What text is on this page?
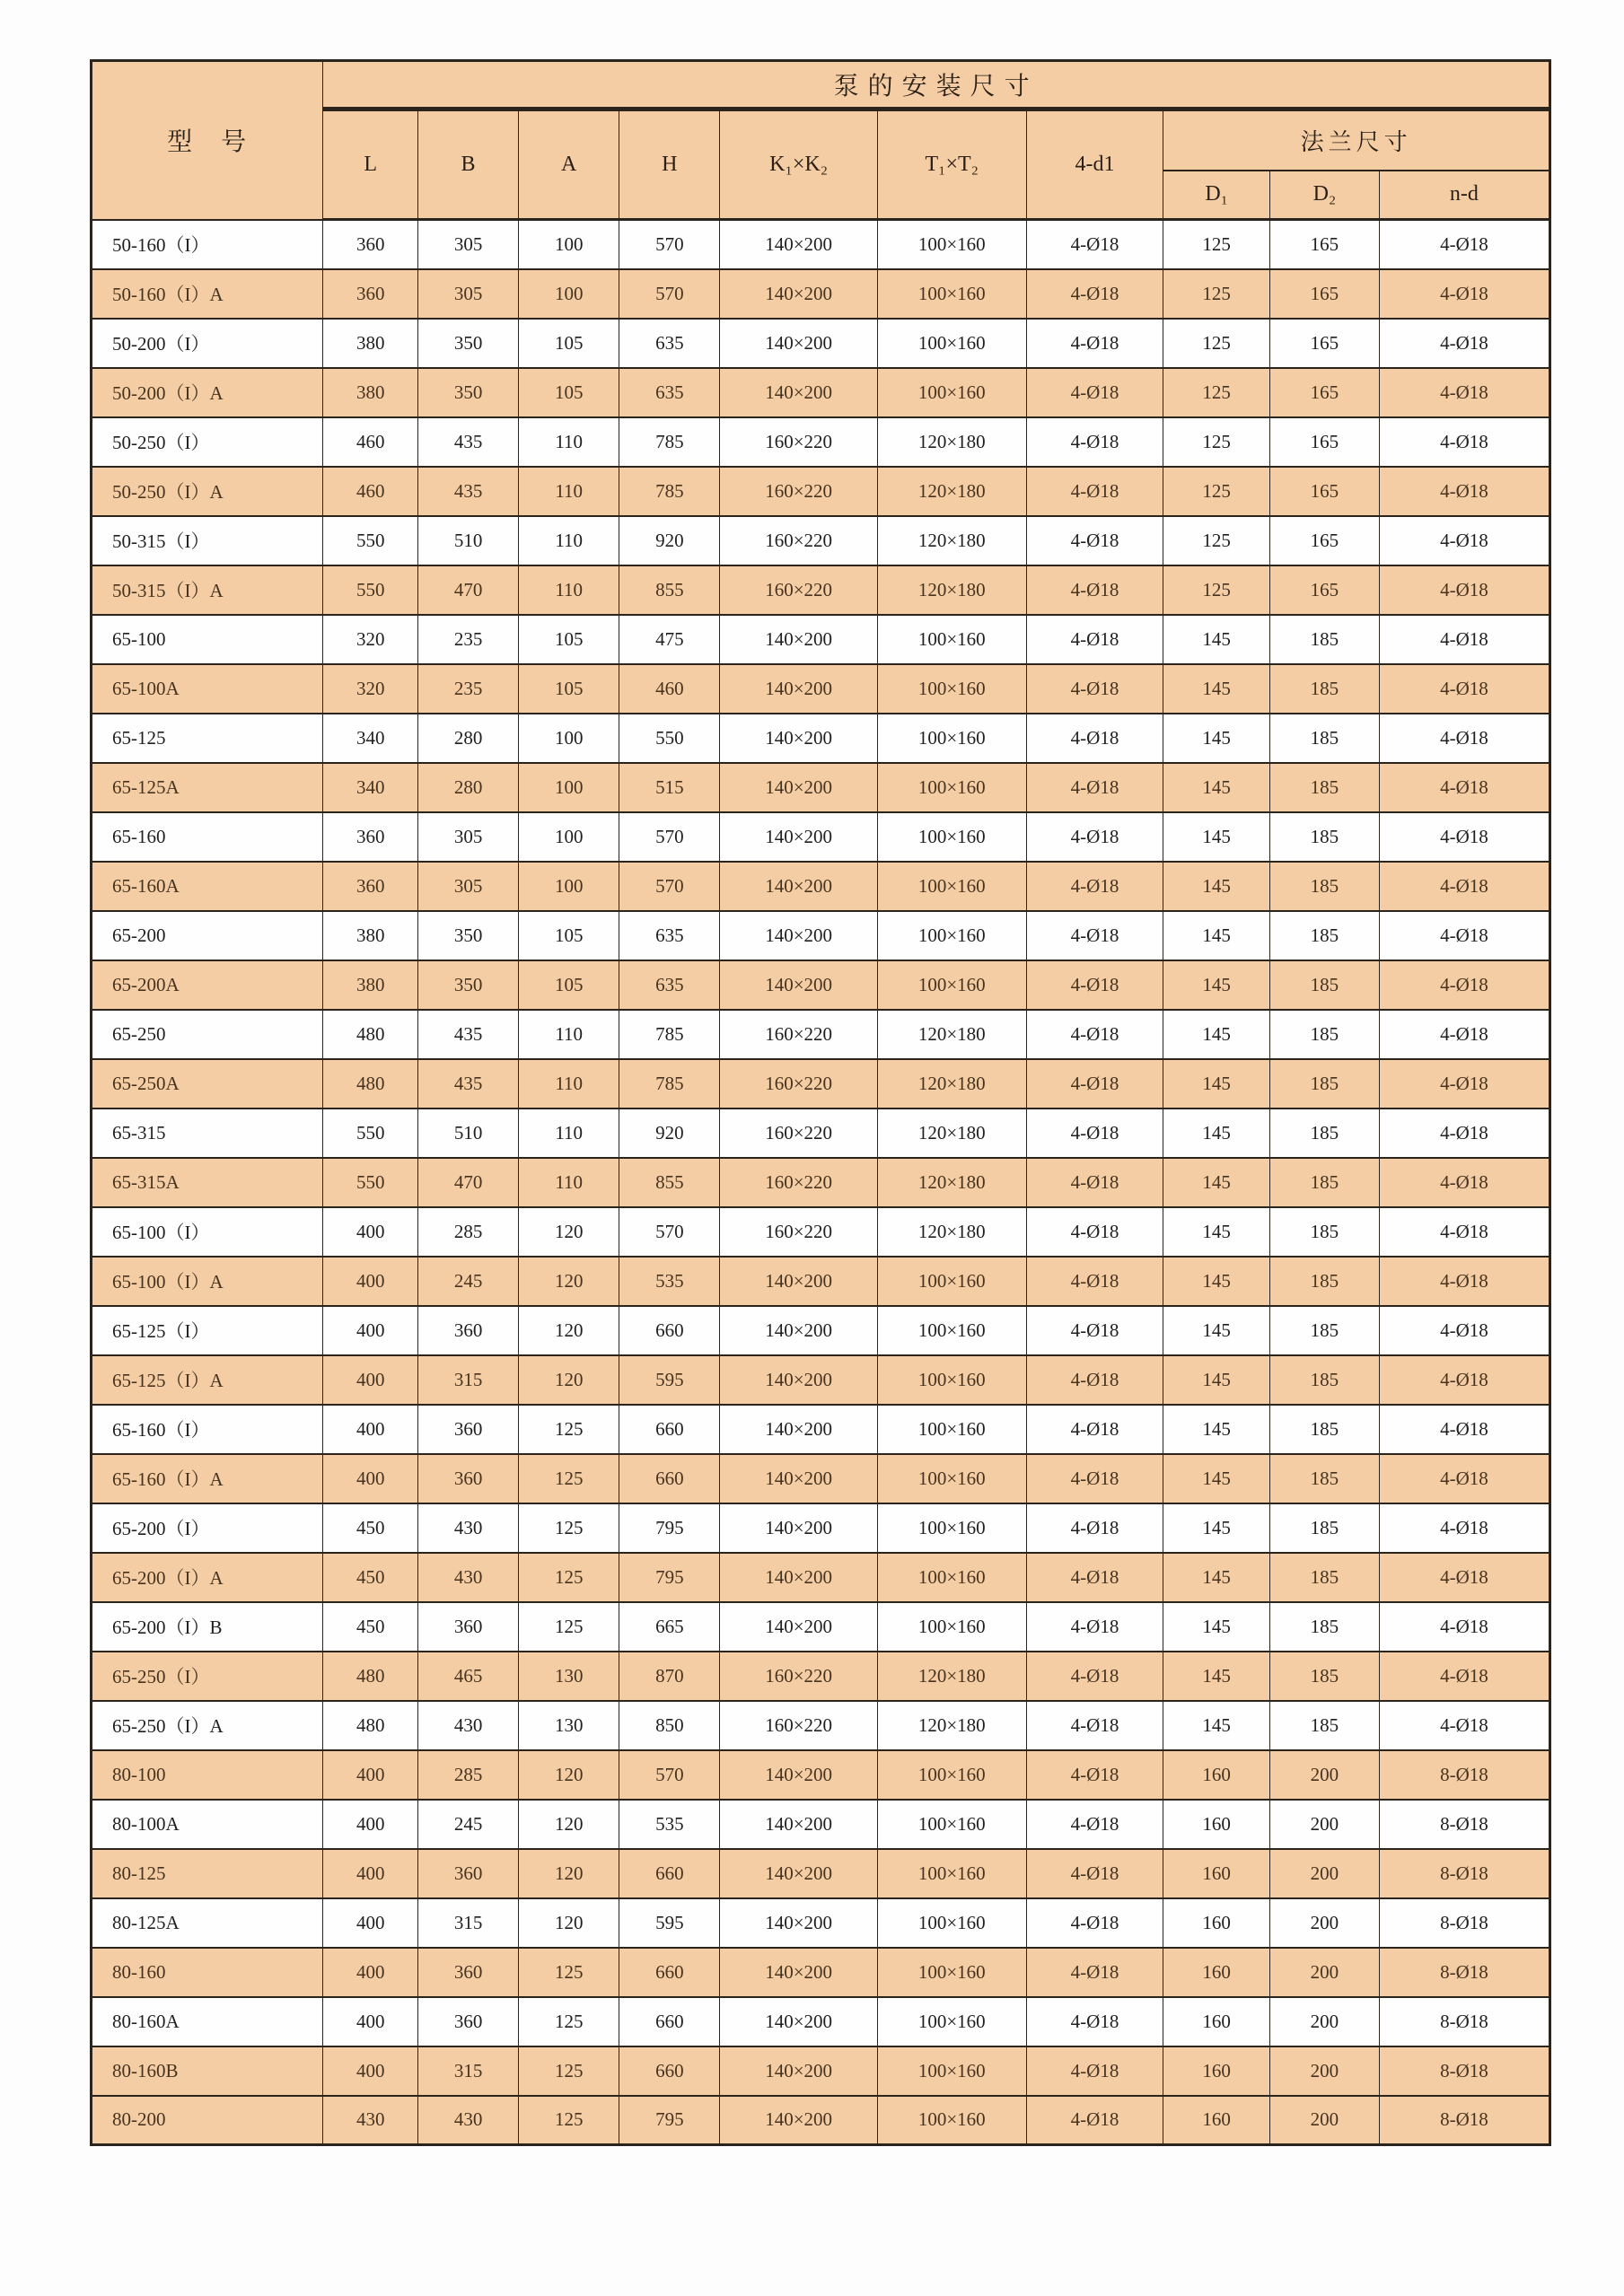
型　号	泵的安装尺寸									
	L	B	A	H	K₁×K₂	T₁×T₂	4-d1	法兰尺寸		
								D₁	D₂	n-d
50-160（I）	360	305	100	570	140×200	100×160	4-Ø18	125	165	4-Ø18
50-160（I）A	360	305	100	570	140×200	100×160	4-Ø18	125	165	4-Ø18
50-200（I）	380	350	105	635	140×200	100×160	4-Ø18	125	165	4-Ø18
50-200（I）A	380	350	105	635	140×200	100×160	4-Ø18	125	165	4-Ø18
50-250（I）	460	435	110	785	160×220	120×180	4-Ø18	125	165	4-Ø18
50-250（I）A	460	435	110	785	160×220	120×180	4-Ø18	125	165	4-Ø18
50-315（I）	550	510	110	920	160×220	120×180	4-Ø18	125	165	4-Ø18
50-315（I）A	550	470	110	855	160×220	120×180	4-Ø18	125	165	4-Ø18
65-100	320	235	105	475	140×200	100×160	4-Ø18	145	185	4-Ø18
65-100A	320	235	105	460	140×200	100×160	4-Ø18	145	185	4-Ø18
65-125	340	280	100	550	140×200	100×160	4-Ø18	145	185	4-Ø18
65-125A	340	280	100	515	140×200	100×160	4-Ø18	145	185	4-Ø18
65-160	360	305	100	570	140×200	100×160	4-Ø18	145	185	4-Ø18
65-160A	360	305	100	570	140×200	100×160	4-Ø18	145	185	4-Ø18
65-200	380	350	105	635	140×200	100×160	4-Ø18	145	185	4-Ø18
65-200A	380	350	105	635	140×200	100×160	4-Ø18	145	185	4-Ø18
65-250	480	435	110	785	160×220	120×180	4-Ø18	145	185	4-Ø18
65-250A	480	435	110	785	160×220	120×180	4-Ø18	145	185	4-Ø18
65-315	550	510	110	920	160×220	120×180	4-Ø18	145	185	4-Ø18
65-315A	550	470	110	855	160×220	120×180	4-Ø18	145	185	4-Ø18
65-100（I）	400	285	120	570	160×220	120×180	4-Ø18	145	185	4-Ø18
65-100（I）A	400	245	120	535	140×200	100×160	4-Ø18	145	185	4-Ø18
65-125（I）	400	360	120	660	140×200	100×160	4-Ø18	145	185	4-Ø18
65-125（I）A	400	315	120	595	140×200	100×160	4-Ø18	145	185	4-Ø18
65-160（I）	400	360	125	660	140×200	100×160	4-Ø18	145	185	4-Ø18
65-160（I）A	400	360	125	660	140×200	100×160	4-Ø18	145	185	4-Ø18
65-200（I）	450	430	125	795	140×200	100×160	4-Ø18	145	185	4-Ø18
65-200（I）A	450	430	125	795	140×200	100×160	4-Ø18	145	185	4-Ø18
65-200（I）B	450	360	125	665	140×200	100×160	4-Ø18	145	185	4-Ø18
65-250（I）	480	465	130	870	160×220	120×180	4-Ø18	145	185	4-Ø18
65-250（I）A	480	430	130	850	160×220	120×180	4-Ø18	145	185	4-Ø18
80-100	400	285	120	570	140×200	100×160	4-Ø18	160	200	8-Ø18
80-100A	400	245	120	535	140×200	100×160	4-Ø18	160	200	8-Ø18
80-125	400	360	120	660	140×200	100×160	4-Ø18	160	200	8-Ø18
80-125A	400	315	120	595	140×200	100×160	4-Ø18	160	200	8-Ø18
80-160	400	360	125	660	140×200	100×160	4-Ø18	160	200	8-Ø18
80-160A	400	360	125	660	140×200	100×160	4-Ø18	160	200	8-Ø18
80-160B	400	315	125	660	140×200	100×160	4-Ø18	160	200	8-Ø18
80-200	430	430	125	795	140×200	100×160	4-Ø18	160	200	8-Ø18
